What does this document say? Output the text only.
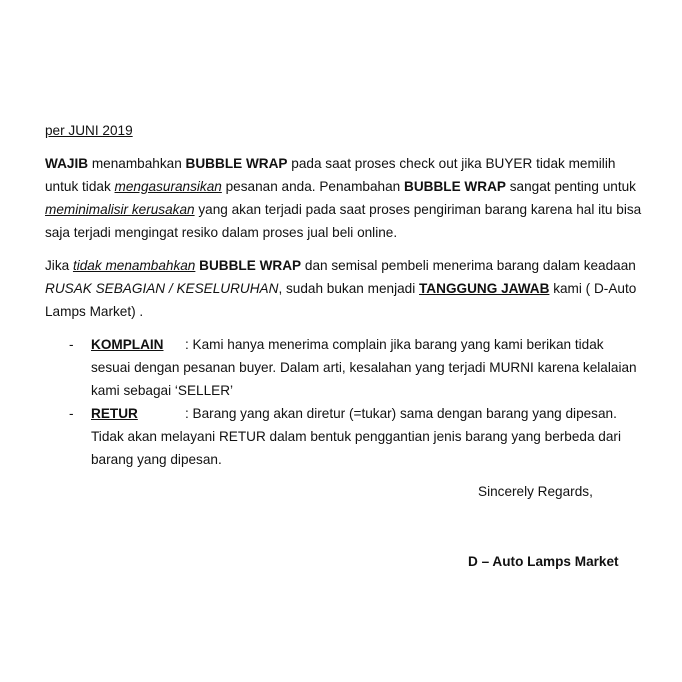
per JUNI 2019

WAJIB menambahkan BUBBLE WRAP pada saat proses check out jika BUYER tidak memilih untuk tidak mengasuransikan pesanan anda. Penambahan BUBBLE WRAP sangat penting untuk meminimalisir kerusakan yang akan terjadi pada saat proses pengiriman barang karena hal itu bisa saja terjadi mengingat resiko dalam proses jual beli online.

Jika tidak menambahkan BUBBLE WRAP dan semisal pembeli menerima barang dalam keadaan RUSAK SEBAGIAN / KESELURUHAN, sudah bukan menjadi TANGGUNG JAWAB kami ( D-Auto Lamps Market) .

- KOMPLAIN : Kami hanya menerima complain jika barang yang kami berikan tidak sesuai dengan pesanan buyer. Dalam arti, kesalahan yang terjadi MURNI karena kelalaian kami sebagai ‘SELLER’
- RETUR	: Barang yang akan diretur (=tukar) sama dengan barang yang dipesan. Tidak akan melayani RETUR dalam bentuk penggantian jenis barang yang berbeda dari barang yang dipesan.
Sincerely Regards,
D – Auto Lamps Market
